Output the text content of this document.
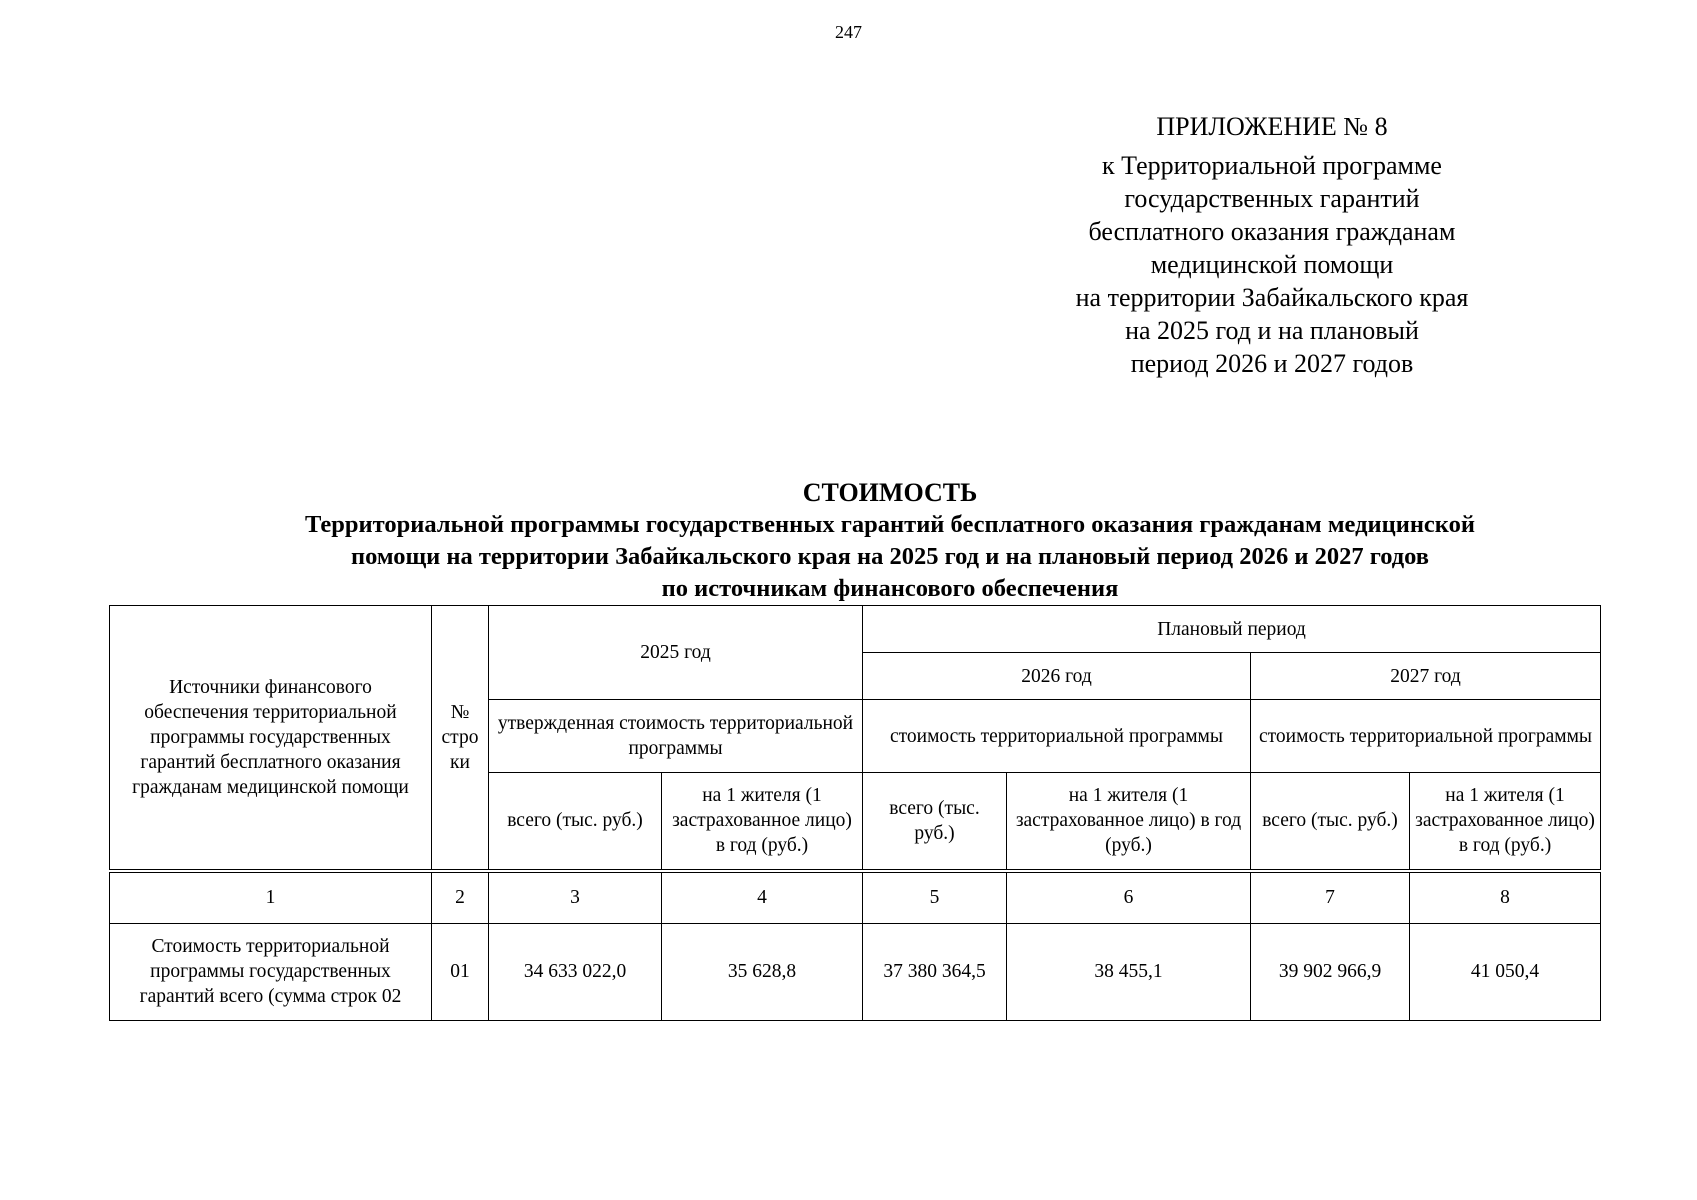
247
ПРИЛОЖЕНИЕ № 8
к Территориальной программе
государственных гарантий
бесплатного оказания гражданам
медицинской помощи
на территории Забайкальского края
на 2025 год и на плановый
период 2026 и 2027 годов
СТОИМОСТЬ
Территориальной программы государственных гарантий бесплатного оказания гражданам медицинской
помощи на территории Забайкальского края на 2025 год и на плановый период 2026 и 2027 годов
по источникам финансового обеспечения
Источники финансового обеспечения территориальной программы государственных гарантий бесплатного оказания гражданам медицинской помощи	№ стро ки	2025 год		Плановый период			
				2026 год		2027 год	
		утвержденная стоимость территориальной программы		стоимость территориальной программы		стоимость территориальной программы	
		всего (тыс. руб.)	на 1 жителя (1 застрахованное лицо) в год (руб.)	всего (тыс. руб.)	на 1 жителя (1 застрахованное лицо) в год (руб.)	всего (тыс. руб.)	на 1 жителя (1 застрахованное лицо) в год (руб.)
1	2	3	4	5	6	7	8

Стоимость территориальной программы государственных гарантий всего (сумма строк 02	01	34 633 022,0	35 628,8	37 380 364,5	38 455,1	39 902 966,9	41 050,4
